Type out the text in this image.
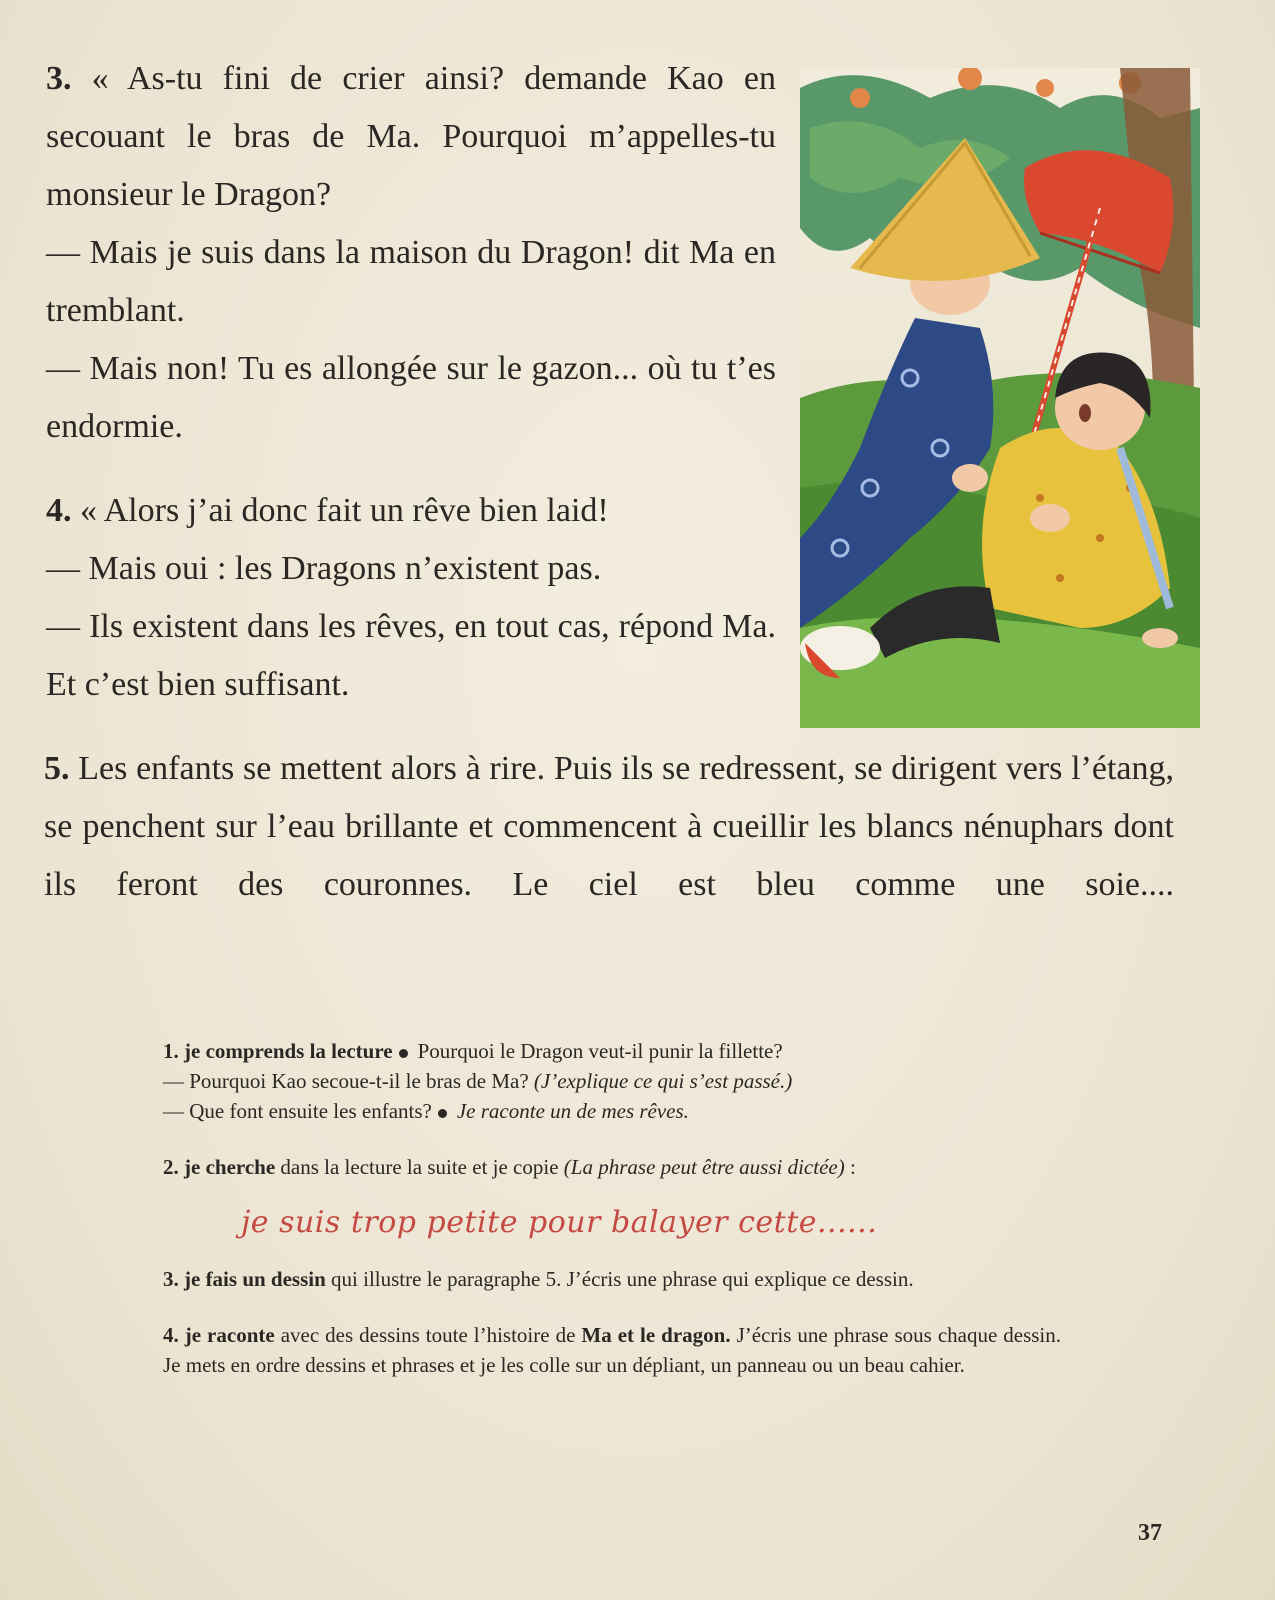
3. « As-tu fini de crier ainsi? demande Kao en secouant le bras de Ma. Pourquoi m’appelles-tu monsieur le Dragon?

— Mais je suis dans la maison du Dragon! dit Ma en tremblant.

— Mais non! Tu es allongée sur le gazon... où tu t’es endormie.

4. « Alors j’ai donc fait un rêve bien laid!

— Mais oui : les Dragons n’existent pas.

— Ils existent dans les rêves, en tout cas, répond Ma. Et c’est bien suffisant.

5. Les enfants se mettent alors à rire. Puis ils se redressent, se dirigent vers l’étang, se penchent sur l’eau brillante et commencent à cueillir les blancs nénuphars dont ils feront des couronnes. Le ciel est bleu comme une soie....

1. je comprends la lecture Pourquoi le Dragon veut-il punir la fillette?
— Pourquoi Kao secoue-t-il le bras de Ma? (J’explique ce qui s’est passé.)
— Que font ensuite les enfants? Je raconte un de mes rêves.

2. je cherche dans la lecture la suite et je copie (La phrase peut être aussi dictée) :

je suis trop petite pour balayer cette......

3. je fais un dessin qui illustre le paragraphe 5. J’écris une phrase qui explique ce dessin.

4. je raconte avec des dessins toute l’histoire de Ma et le dragon. J’écris une phrase sous chaque dessin. Je mets en ordre dessins et phrases et je les colle sur un dépliant, un panneau ou un beau cahier.

37
